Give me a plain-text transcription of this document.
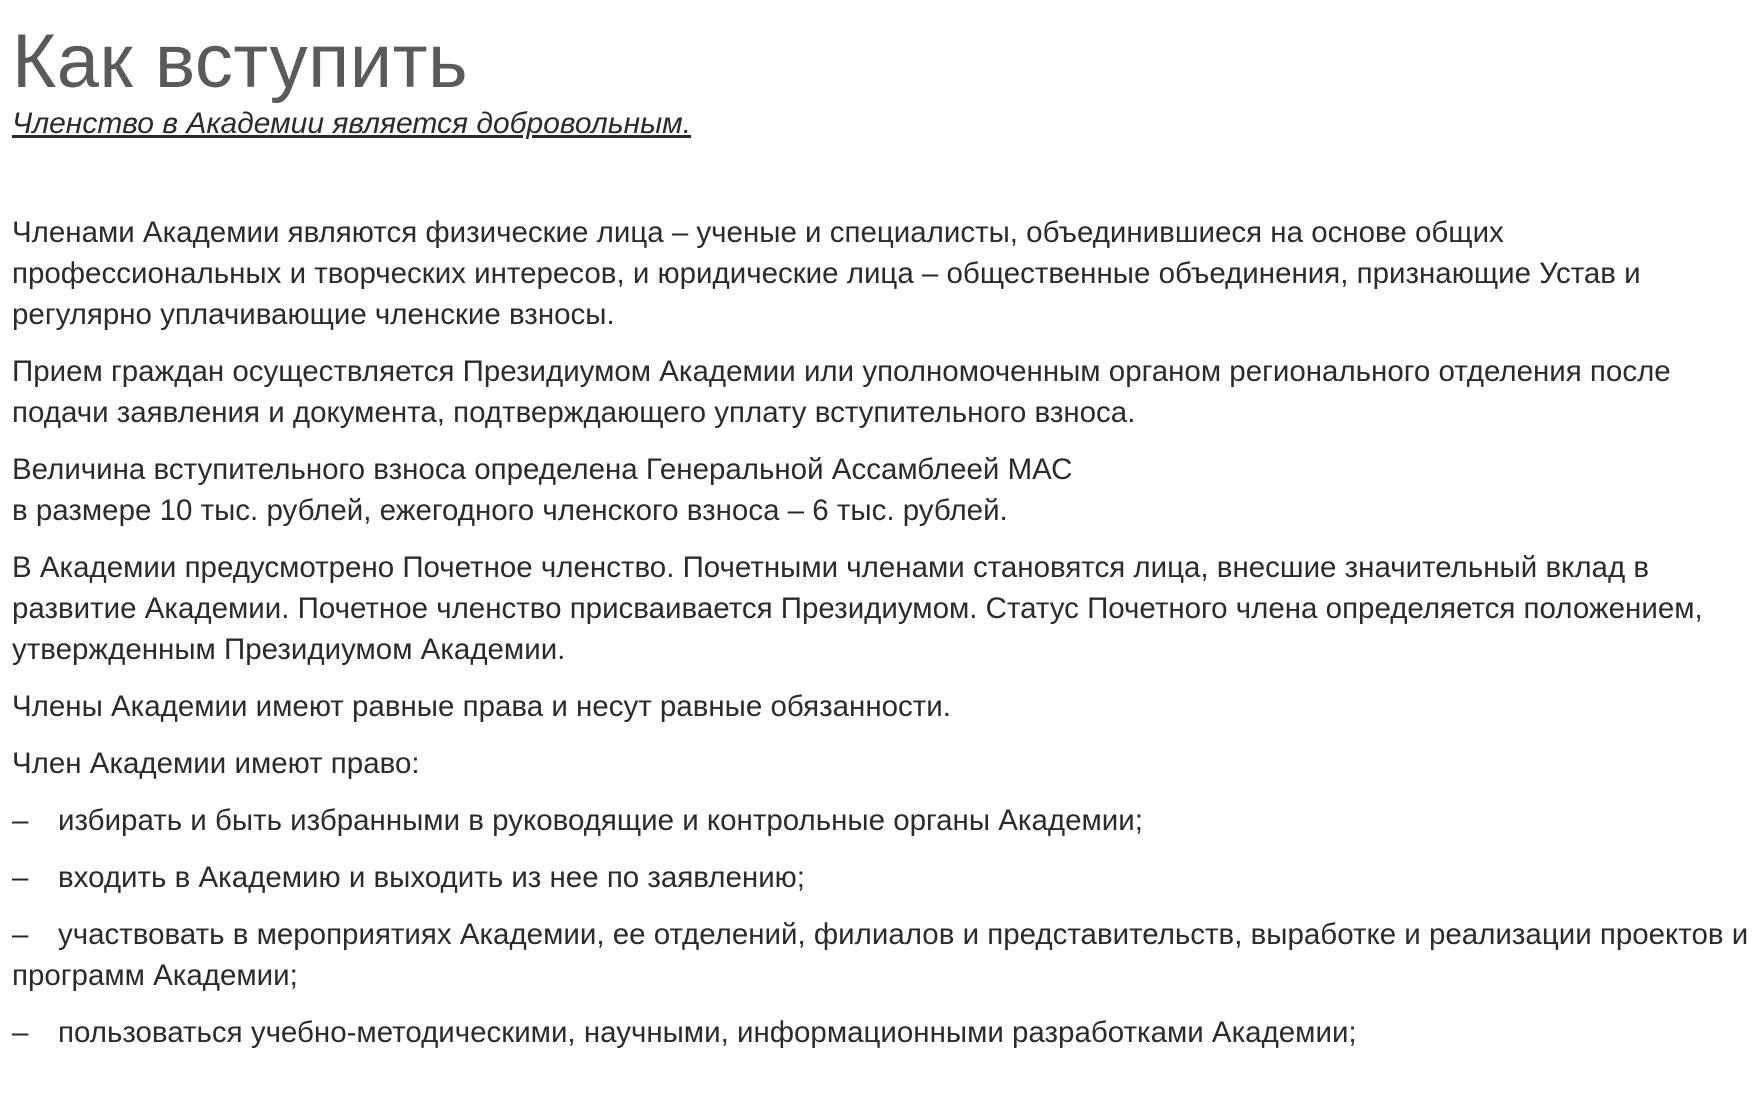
Как вступить
Членство в Академии является добровольным.

Членами Академии являются физические лица – ученые и специалисты, объединившиеся на основе общих профессиональных и творческих интересов, и юридические лица – общественные объединения, признающие Устав и регулярно уплачивающие членские взносы.

Прием граждан осуществляется Президиумом Академии или уполномоченным органом регионального отделения после подачи заявления и документа, подтверждающего уплату вступительного взноса.

Величина вступительного взноса определена Генеральной Ассамблеей МАС
в размере 10 тыс. рублей, ежегодного членского взноса – 6 тыс. рублей.

В Академии предусмотрено Почетное членство. Почетными членами становятся лица, внесшие значительный вклад в развитие Академии. Почетное членство присваивается Президиумом. Статус Почетного члена определяется положением, утвержденным Президиумом Академии.

Члены Академии имеют равные права и несут равные обязанности.

Член Академии имеют право:

– избирать и быть избранными в руководящие и контрольные органы Академии;

– входить в Академию и выходить из нее по заявлению;

– участвовать в мероприятиях Академии, ее отделений, филиалов и представительств, выработке и реализации проектов и программ Академии;

– пользоваться учебно-методическими, научными, информационными разработками Академии;
